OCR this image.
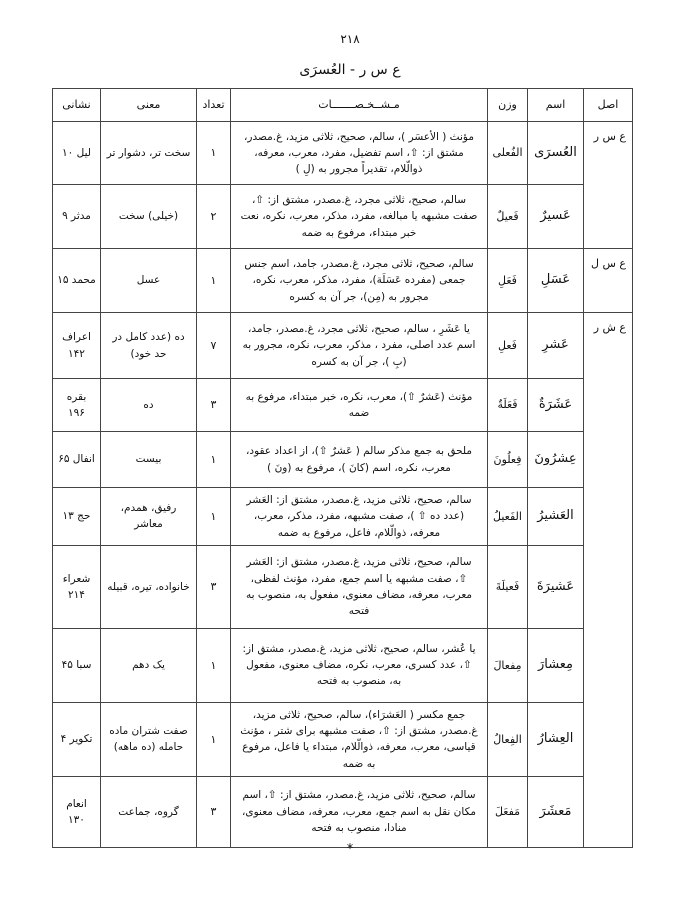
۲۱۸
ع س ر - العُسرَی
اصل	اسم	وزن	مـشــخـصـــــــات	تعداد	معنی	نشانی
ع س ر	العُسرَی	الفُعلی	مؤنث ( الأعسَر )، سالم، صحیح، ثلاثی مزید، غ.مصدر، مشتق از: ⇧، اسم تفضیل، مفرد، معرب، معرفه، ذوالّلام، تقدیراً مجرور به (لِ )	۱	سخت تر، دشوار تر	لیل ۱۰
	عَسیرٌ	فَعیلٌ	سالم، صحیح، ثلاثی مجرد، غ.مصدر، مشتق از: ⇧، صفت مشبهه یا مبالغه، مفرد، مذکر، معرب، نکره، نعت خبر مبتداء، مرفوع به ضمه	۲	(خیلی) سخت	مدثر ۹
ع س ل	عَسَلِ	فَعَلِ	سالم، صحیح، ثلاثی مجرد، غ.مصدر، جامد، اسم جنس جمعی (مفرده عَسَلَة)، مفرد، مذکر، معرب، نکره، مجرور به (مِن)، جر آن به کسره	۱	عسل	محمد ۱۵
ع ش ر	عَشرِ	فَعلِ	یا عَشَرِ ، سالم، صحیح، ثلاثی مجرد، غ.مصدر، جامد، اسم عدد اصلی، مفرد ، مذکر، معرب، نکره، مجرور به (بِ )، جر آن به کسره	۷	ده (عدد کامل در حد خود)	اعراف ۱۴۲
	عَشَرَةٌ	فَعَلَةٌ	مؤنث (عَشرٌ ⇧)، معرب، نکره، خبر مبتداء، مرفوع به ضمه	۳	ده	بقره ۱۹۶
	عِشرُونَ	فِعلُونَ	ملحق به جمع مذکر سالم ( عَشرٌ ⇧)، از اعداد عقود، معرب، نکره، اسم (کانَ )، مرفوع به (ونَ )	۱	بیست	انفال ۶۵
	العَشیرُ	الفَعیلُ	سالم، صحیح، ثلاثی مزید، غ.مصدر، مشتق از: العَشر (عدد ده ⇧ )، صفت مشبهه، مفرد، مذکر، معرب، معرفه، ذوالّلام، فاعل، مرفوع به ضمه	۱	رفیق، همدم، معاشر	حج ۱۳
	عَشیرَةَ	فَعیلَةَ	سالم، صحیح، ثلاثی مزید، غ.مصدر، مشتق از: العَشر ⇧، صفت مشبهه یا اسم جمع، مفرد، مؤنث لفظی، معرب، معرفه، مضاف معنوی، مفعول به، منصوب به فتحه	۳	خانواده، تیره، قبیله	شعراء ۲۱۴
	مِعشارَ	مِفعالَ	یا عُشر، سالم، صحیح، ثلاثی مزید، غ.مصدر، مشتق از: ⇧، عدد کسری، معرب، نکره، مضاف معنوی، مفعول به، منصوب به فتحه	۱	یک دهم	سبا ۴۵
	العِشارُ	الفِعالُ	جمع مکسر ( العَشرَاء)، سالم، صحیح، ثلاثی مزید، غ.مصدر، مشتق از: ⇧، صفت مشبهه برای شتر ، مؤنث قیاسی، معرب، معرفه، ذوالّلام، مبتداء یا فاعل، مرفوع به ضمه	۱	صفت شتران ماده حامله (ده ماهه)	تکویر ۴
	مَعشَرَ	مَفعَلَ	سالم، صحیح، ثلاثی مزید، غ.مصدر، مشتق از: ⇧، اسم مکان نقل به اسم جمع، معرب، معرفه، مضاف معنوی، منادا، منصوب به فتحه	۳	گروه، جماعت	انعام ۱۳۰
*
